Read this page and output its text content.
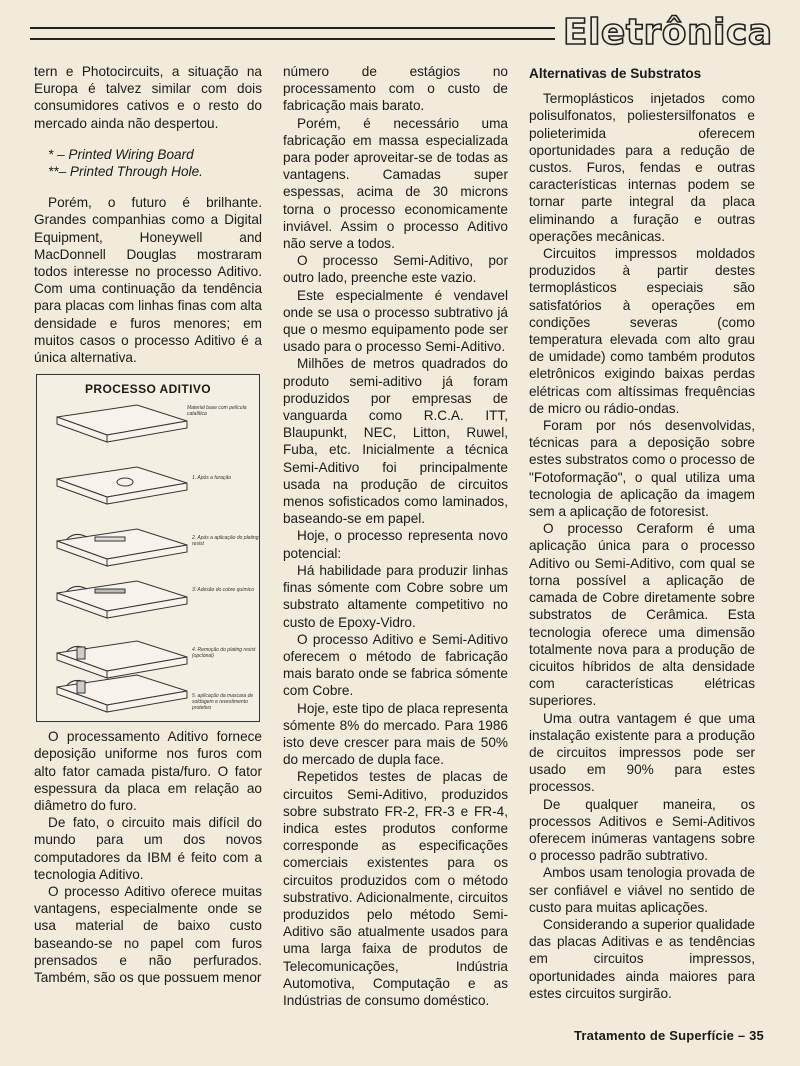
Eletrônica

tern e Photocircuits, a situação na Europa é talvez similar com dois consumidores cativos e o resto do mercado ainda não despertou.

* – Printed Wiring Board

**– Printed Through Hole.

Porém, o futuro é brilhante. Grandes companhias como a Digital Equipment, Honeywell and MacDonnell Douglas mostraram todos interesse no processo Aditivo. Com uma continuação da tendência para placas com linhas finas com alta densidade e furos menores; em muitos casos o processo Aditivo é a única alternativa.

PROCESSO ADITIVO
Material base com película catalítica
1. Após a furação
2. Após a aplicação do plating resist
3. Adesão do cobre químico
4. Remoção do plating resist (opcional)
5. aplicação da mascara de soldagem e revestimento protetivo

O processamento Aditivo fornece deposição uniforme nos furos com alto fator camada pista/furo. O fator espessura da placa em relação ao diâmetro do furo.

De fato, o circuito mais difícil do mundo para um dos novos computadores da IBM é feito com a tecnologia Aditivo.

O processo Aditivo oferece muitas vantagens, especialmente onde se usa material de baixo custo baseando-se no papel com furos prensados e não perfurados. Também, são os que possuem menor

número de estágios no processamento com o custo de fabricação mais barato.

Porém, é necessário uma fabricação em massa especializada para poder aproveitar-se de todas as vantagens. Camadas super espessas, acima de 30 microns torna o processo economicamente inviável. Assim o processo Aditivo não serve a todos.

O processo Semi-Aditivo, por outro lado, preenche este vazio.

Este especialmente é vendavel onde se usa o processo subtrativo já que o mesmo equipamento pode ser usado para o processo Semi-Aditivo.

Milhões de metros quadrados do produto semi-aditivo já foram produzidos por empresas de vanguarda como R.C.A. ITT, Blaupunkt, NEC, Litton, Ruwel, Fuba, etc. Inicialmente a técnica Semi-Aditivo foi principalmente usada na produção de circuitos menos sofisticados como laminados, baseando-se em papel.

Hoje, o processo representa novo potencial:

Há habilidade para produzir linhas finas sómente com Cobre sobre um substrato altamente competitivo no custo de Epoxy-Vidro.

O processo Aditivo e Semi-Aditivo oferecem o método de fabricação mais barato onde se fabrica sómente com Cobre.

Hoje, este tipo de placa representa sómente 8% do mercado. Para 1986 isto deve crescer para mais de 50% do mercado de dupla face.

Repetidos testes de placas de circuitos Semi-Aditivo, produzidos sobre substrato FR-2, FR-3 e FR-4, indica estes produtos conforme corresponde as especificações comerciais existentes para os circuitos produzidos com o método substrativo. Adicionalmente, circuitos produzidos pelo método Semi-Aditivo são atualmente usados para uma larga faixa de produtos de Telecomunicações, Indústria Automotiva, Computação e as Indústrias de consumo doméstico.

Alternativas de Substratos

Termoplásticos injetados como polisulfonatos, poliestersilfonatos e polieterimida oferecem oportunidades para a redução de custos. Furos, fendas e outras características internas podem se tornar parte integral da placa eliminando a furação e outras operações mecânicas.

Circuitos impressos moldados produzidos à partir destes termoplásticos especiais são satisfatórios à operações em condições severas (como temperatura elevada com alto grau de umidade) como também produtos eletrônicos exigindo baixas perdas elétricas com altíssimas frequências de micro ou rádio-ondas.

Foram por nós desenvolvidas, técnicas para a deposição sobre estes substratos como o processo de "Fotoformação", o qual utiliza uma tecnologia de aplicação da imagem sem a aplicação de fotoresist.

O processo Ceraform é uma aplicação única para o processo Aditivo ou Semi-Aditivo, com qual se torna possível a aplicação de camada de Cobre diretamente sobre substratos de Cerâmica. Esta tecnologia oferece uma dimensão totalmente nova para a produção de cicuitos híbridos de alta densidade com características elétricas superiores.

Uma outra vantagem é que uma instalação existente para a produção de circuitos impressos pode ser usado em 90% para estes processos.

De qualquer maneira, os processos Aditivos e Semi-Aditivos oferecem inúmeras vantagens sobre o processo padrão subtrativo.

Ambos usam tenologia provada de ser confiável e viável no sentido de custo para muitas aplicações.

Considerando a superior qualidade das placas Aditivas e as tendências em circuitos impressos, oportunidades ainda maiores para estes circuitos surgirão.

Tratamento de Superfície – 35
